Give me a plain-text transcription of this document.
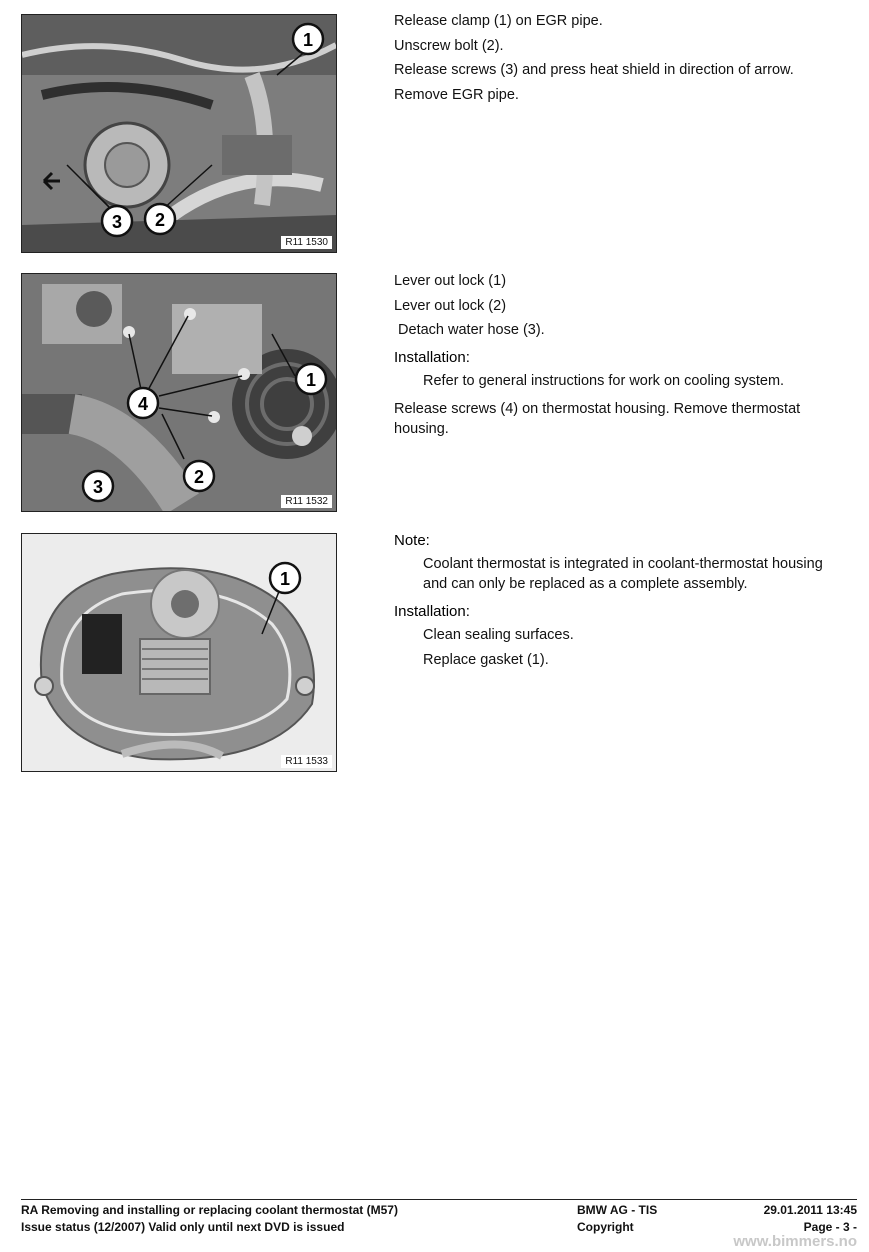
1
2
3
R11 1530
Release clamp (1) on EGR pipe.
Unscrew bolt (2).
Release screws (3) and press heat shield in direction of arrow.
Remove EGR pipe.
1
2
3
4
R11 1532
Lever out lock (1)
Lever out lock (2)
Detach water hose (3).
Installation:
Refer to general instructions for work on cooling system.
Release screws (4) on thermostat housing. Remove thermostat housing.
1
R11 1533
Note:
Coolant thermostat is integrated in coolant-thermostat housing and can only be replaced as a complete assembly.
Installation:
Clean sealing surfaces.
Replace gasket (1).
RA Removing and installing or replacing coolant thermostat (M57)	BMW AG - TIS	29.01.2011 13:45
Issue status (12/2007) Valid only until next DVD is issued	Copyright	Page - 3 -
www.bimmers.no
